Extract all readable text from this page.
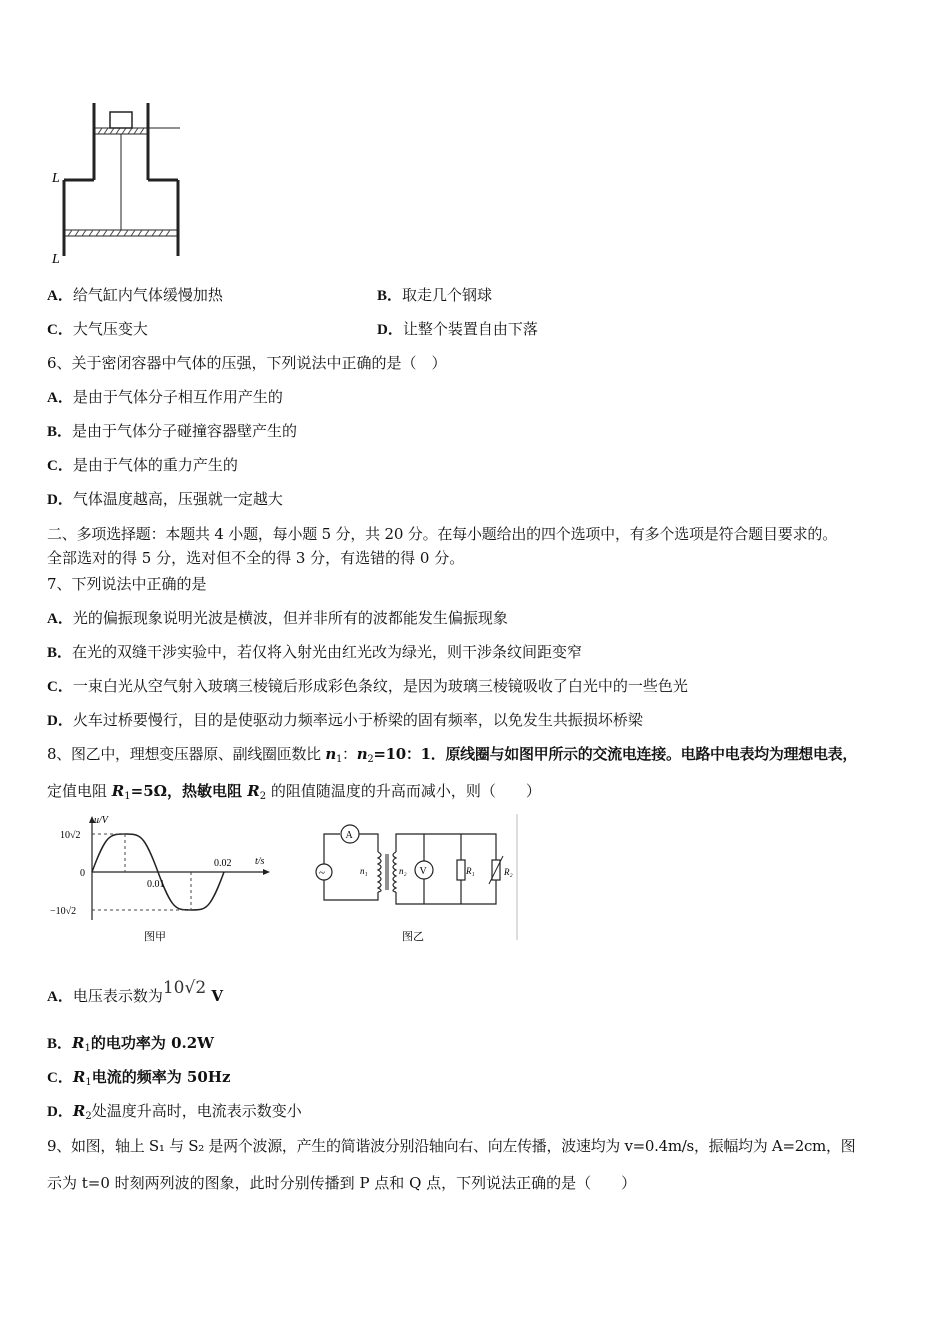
L
L
A．给气缸内气体缓慢加热	B．取走几个钢球
C．大气压变大	D．让整个装置自由下落
6、关于密闭容器中气体的压强，下列说法中正确的是（　）
A．是由于气体分子相互作用产生的
B．是由于气体分子碰撞容器壁产生的
C．是由于气体的重力产生的
D．气体温度越高，压强就一定越大
二、多项选择题：本题共 4 小题，每小题 5 分，共 20 分。在每小题给出的四个选项中，有多个选项是符合题目要求的。
全部选对的得 5 分，选对但不全的得 3 分，有选错的得 0 分。
7、下列说法中正确的是
A．光的偏振现象说明光波是横波，但并非所有的波都能发生偏振现象
B．在光的双缝干涉实验中，若仅将入射光由红光改为绿光，则干涉条纹间距变窄
C．一束白光从空气射入玻璃三棱镜后形成彩色条纹，是因为玻璃三棱镜吸收了白光中的一些色光
D．火车过桥要慢行，目的是使驱动力频率远小于桥梁的固有频率，以免发生共振损坏桥梁
8、图乙中，理想变压器原、副线圈匝数比 $n_1$：$n_2=10$：1．原线圈与如图甲所示的交流电连接。电路中电表均为理想电表，
定值电阻 $R_1=5\Omega$，热敏电阻 $R_2$ 的阻值随温度的升高而减小，则（　　）
u/V
t/s
10√2
−10√2
0
0.01
0.02
图甲
A
~	n₁	n₂ V	R₁	R₂
图乙
A．电压表示数为10√2 V
B．$R_1$的电功率为 0.2W
C．$R_1$电流的频率为 50Hz
D．$R_2$处温度升高时，电流表示数变小
9、如图，轴上 S₁ 与 S₂ 是两个波源，产生的简谐波分别沿轴向右、向左传播，波速均为 v=0.4m/s，振幅均为 A=2cm，图
示为 t=0 时刻两列波的图象，此时分别传播到 P 点和 Q 点，下列说法正确的是（　　）
